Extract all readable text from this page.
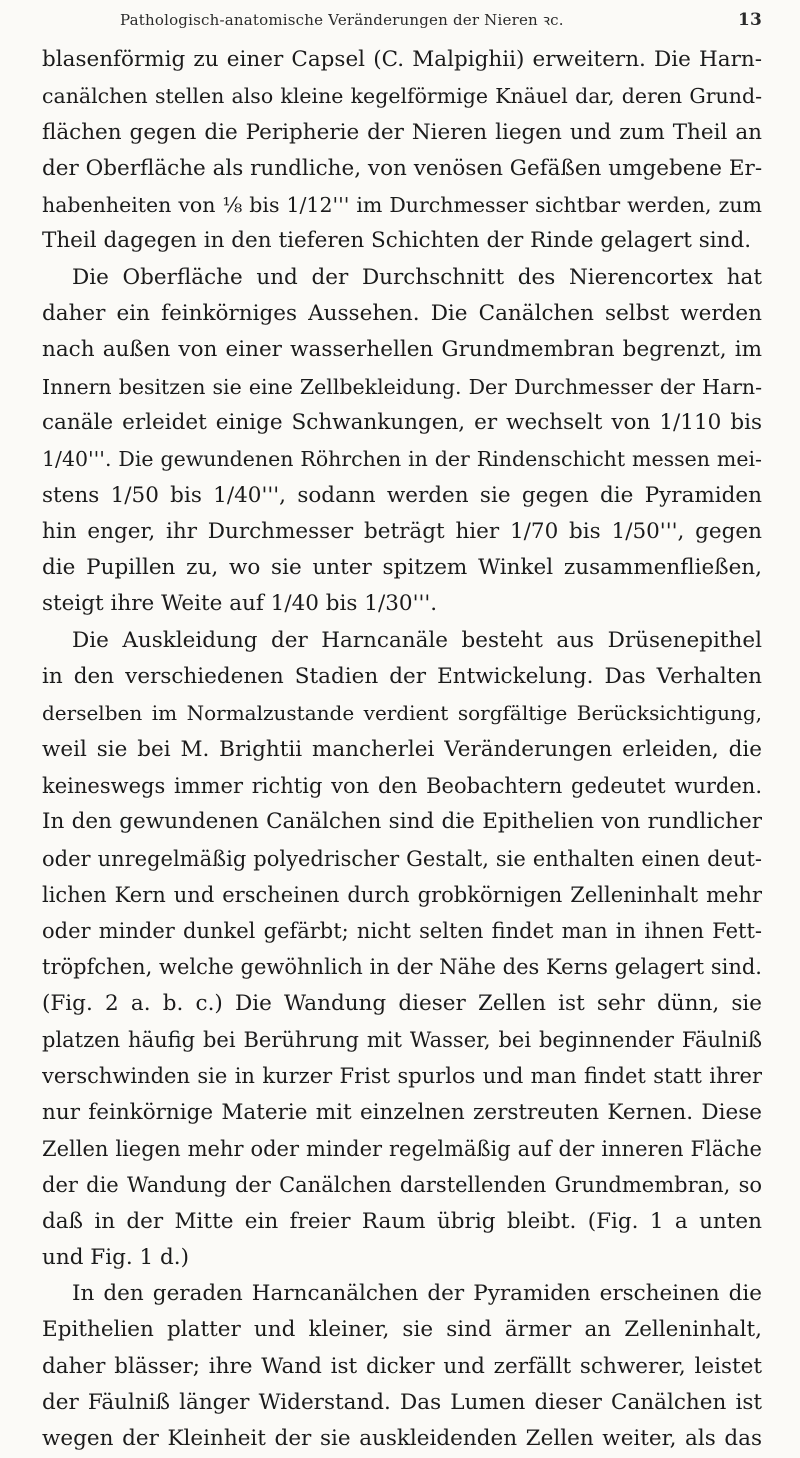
Pathologisch-anatomische Veränderungen der Nieren ꝛc.	13
blasenförmig zu einer Capsel (C. Malpighii) erweitern. Die Harn-
canälchen stellen also kleine kegelförmige Knäuel dar, deren Grund-
flächen gegen die Peripherie der Nieren liegen und zum Theil an
der Oberfläche als rundliche, von venösen Gefäßen umgebene Er-
habenheiten von ⅛ bis 1/12''' im Durchmesser sichtbar werden, zum
Theil dagegen in den tieferen Schichten der Rinde gelagert sind.
Die Oberfläche und der Durchschnitt des Nierencortex hat
daher ein feinkörniges Aussehen. Die Canälchen selbst werden
nach außen von einer wasserhellen Grundmembran begrenzt, im
Innern besitzen sie eine Zellbekleidung. Der Durchmesser der Harn-
canäle erleidet einige Schwankungen, er wechselt von 1/110 bis
1/40'''. Die gewundenen Röhrchen in der Rindenschicht messen mei-
stens 1/50 bis 1/40''', sodann werden sie gegen die Pyramiden
hin enger, ihr Durchmesser beträgt hier 1/70 bis 1/50''', gegen
die Pupillen zu, wo sie unter spitzem Winkel zusammenfließen,
steigt ihre Weite auf 1/40 bis 1/30'''.
Die Auskleidung der Harncanäle besteht aus Drüsenepithel
in den verschiedenen Stadien der Entwickelung. Das Verhalten
derselben im Normalzustande verdient sorgfältige Berücksichtigung,
weil sie bei M. Brightii mancherlei Veränderungen erleiden, die
keineswegs immer richtig von den Beobachtern gedeutet wurden.
In den gewundenen Canälchen sind die Epithelien von rundlicher
oder unregelmäßig polyedrischer Gestalt, sie enthalten einen deut-
lichen Kern und erscheinen durch grobkörnigen Zelleninhalt mehr
oder minder dunkel gefärbt; nicht selten findet man in ihnen Fett-
tröpfchen, welche gewöhnlich in der Nähe des Kerns gelagert sind.
(Fig. 2 a. b. c.) Die Wandung dieser Zellen ist sehr dünn, sie
platzen häufig bei Berührung mit Wasser, bei beginnender Fäulniß
verschwinden sie in kurzer Frist spurlos und man findet statt ihrer
nur feinkörnige Materie mit einzelnen zerstreuten Kernen. Diese
Zellen liegen mehr oder minder regelmäßig auf der inneren Fläche
der die Wandung der Canälchen darstellenden Grundmembran, so
daß in der Mitte ein freier Raum übrig bleibt. (Fig. 1 a unten
und Fig. 1 d.)
In den geraden Harncanälchen der Pyramiden erscheinen die
Epithelien platter und kleiner, sie sind ärmer an Zelleninhalt,
daher blässer; ihre Wand ist dicker und zerfällt schwerer, leistet
der Fäulniß länger Widerstand. Das Lumen dieser Canälchen ist
wegen der Kleinheit der sie auskleidenden Zellen weiter, als das
